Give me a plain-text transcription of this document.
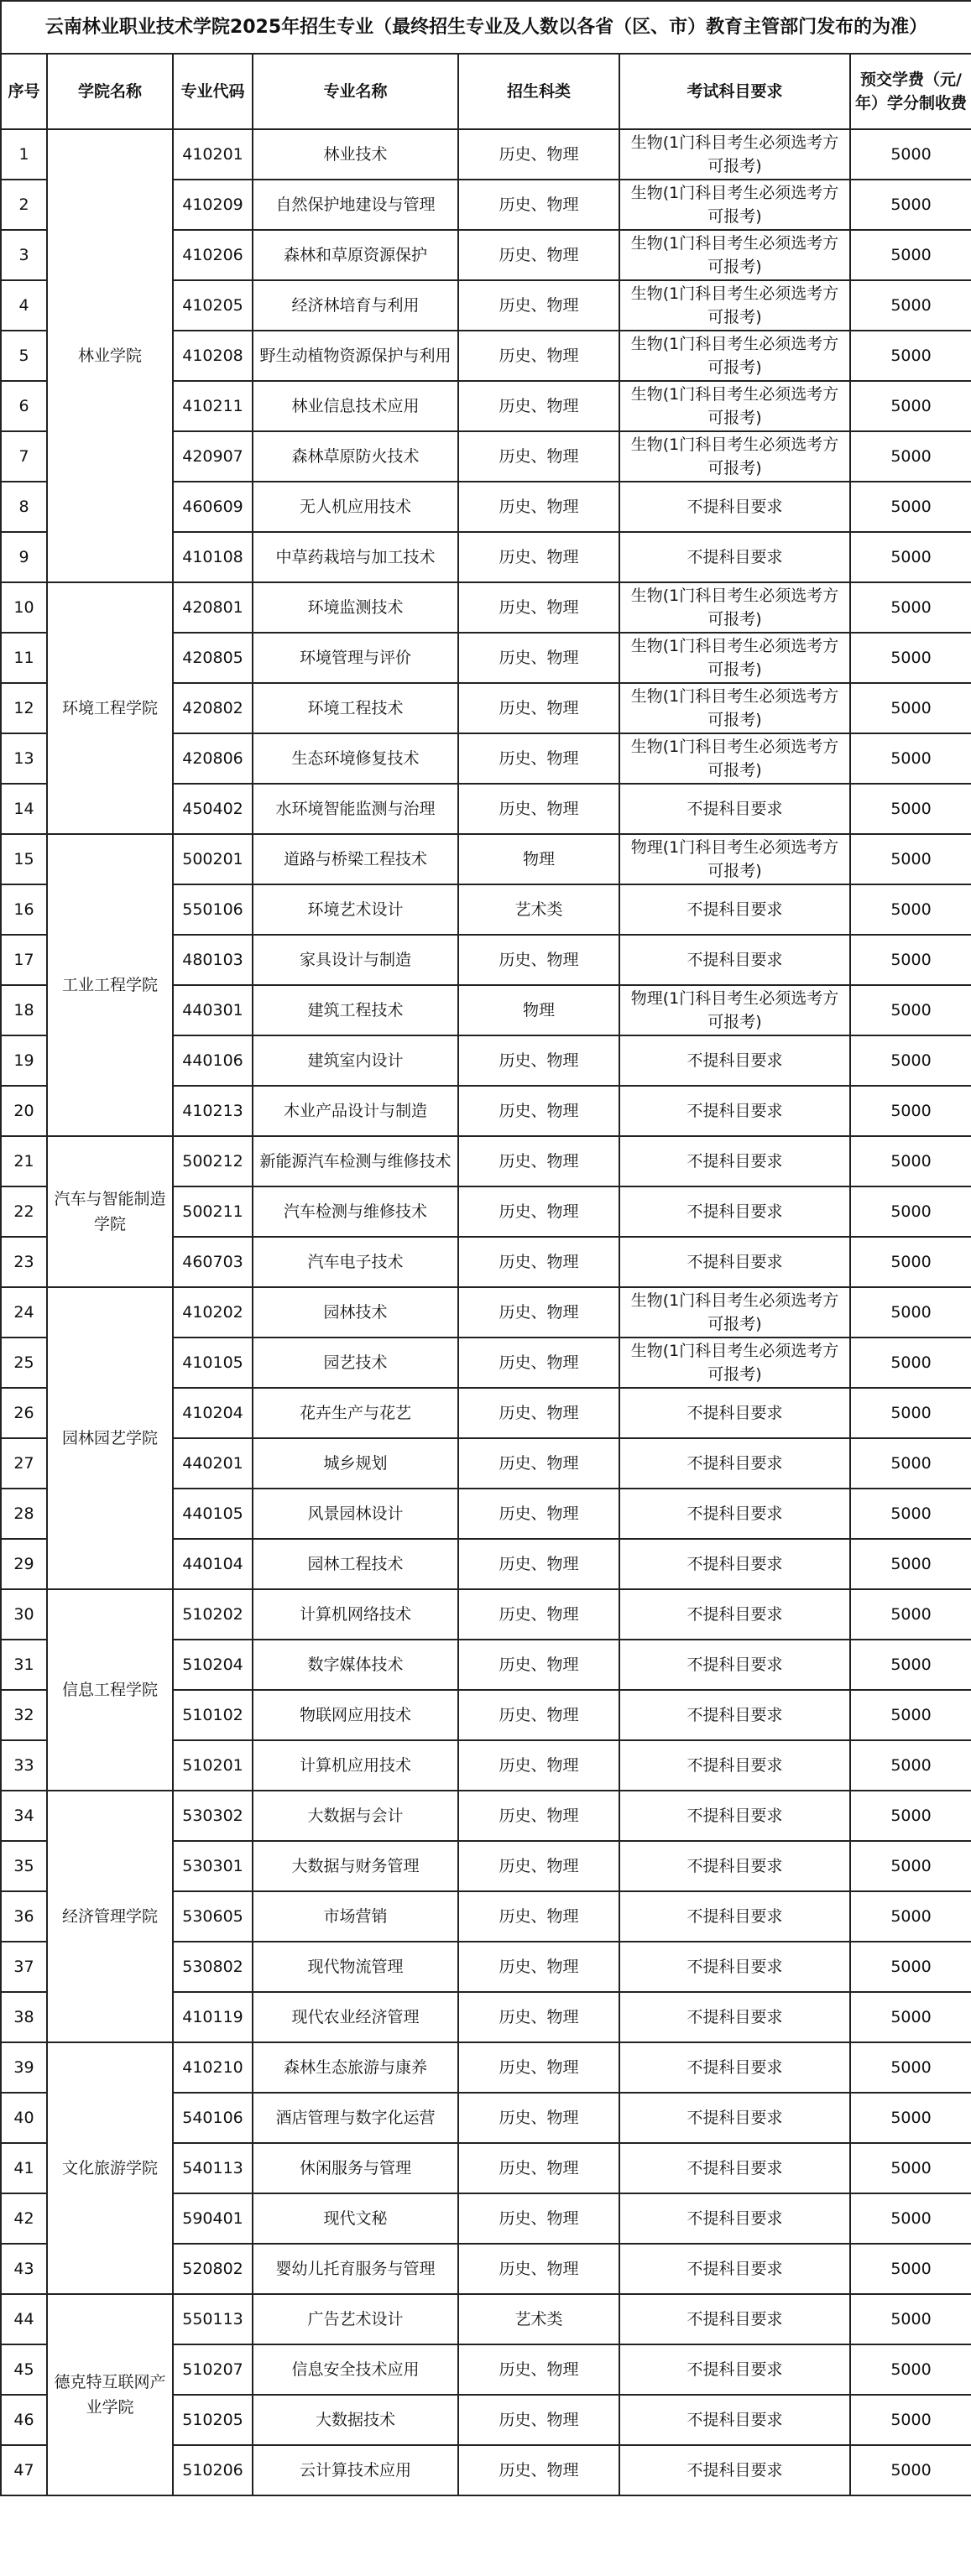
云南林业职业技术学院2025年招生专业（最终招生专业及人数以各省（区、市）教育主管部门发布的为准）						
序号	学院名称	专业代码	专业名称	招生科类	考试科目要求	预交学费（元/年）学分制收费
1	林业学院	410201	林业技术	历史、物理	生物(1门科目考生必须选考方可报考)	5000
2		410209	自然保护地建设与管理	历史、物理	生物(1门科目考生必须选考方可报考)	5000
3		410206	森林和草原资源保护	历史、物理	生物(1门科目考生必须选考方可报考)	5000
4		410205	经济林培育与利用	历史、物理	生物(1门科目考生必须选考方可报考)	5000
5		410208	野生动植物资源保护与利用	历史、物理	生物(1门科目考生必须选考方可报考)	5000
6		410211	林业信息技术应用	历史、物理	生物(1门科目考生必须选考方可报考)	5000
7		420907	森林草原防火技术	历史、物理	生物(1门科目考生必须选考方可报考)	5000
8		460609	无人机应用技术	历史、物理	不提科目要求	5000
9		410108	中草药栽培与加工技术	历史、物理	不提科目要求	5000
10	环境工程学院	420801	环境监测技术	历史、物理	生物(1门科目考生必须选考方可报考)	5000
11		420805	环境管理与评价	历史、物理	生物(1门科目考生必须选考方可报考)	5000
12		420802	环境工程技术	历史、物理	生物(1门科目考生必须选考方可报考)	5000
13		420806	生态环境修复技术	历史、物理	生物(1门科目考生必须选考方可报考)	5000
14		450402	水环境智能监测与治理	历史、物理	不提科目要求	5000
15	工业工程学院	500201	道路与桥梁工程技术	物理	物理(1门科目考生必须选考方可报考)	5000
16		550106	环境艺术设计	艺术类	不提科目要求	5000
17		480103	家具设计与制造	历史、物理	不提科目要求	5000
18		440301	建筑工程技术	物理	物理(1门科目考生必须选考方可报考)	5000
19		440106	建筑室内设计	历史、物理	不提科目要求	5000
20		410213	木业产品设计与制造	历史、物理	不提科目要求	5000
21	汽车与智能制造学院	500212	新能源汽车检测与维修技术	历史、物理	不提科目要求	5000
22		500211	汽车检测与维修技术	历史、物理	不提科目要求	5000
23		460703	汽车电子技术	历史、物理	不提科目要求	5000
24	园林园艺学院	410202	园林技术	历史、物理	生物(1门科目考生必须选考方可报考)	5000
25		410105	园艺技术	历史、物理	生物(1门科目考生必须选考方可报考)	5000
26		410204	花卉生产与花艺	历史、物理	不提科目要求	5000
27		440201	城乡规划	历史、物理	不提科目要求	5000
28		440105	风景园林设计	历史、物理	不提科目要求	5000
29		440104	园林工程技术	历史、物理	不提科目要求	5000
30	信息工程学院	510202	计算机网络技术	历史、物理	不提科目要求	5000
31		510204	数字媒体技术	历史、物理	不提科目要求	5000
32		510102	物联网应用技术	历史、物理	不提科目要求	5000
33		510201	计算机应用技术	历史、物理	不提科目要求	5000
34	经济管理学院	530302	大数据与会计	历史、物理	不提科目要求	5000
35		530301	大数据与财务管理	历史、物理	不提科目要求	5000
36		530605	市场营销	历史、物理	不提科目要求	5000
37		530802	现代物流管理	历史、物理	不提科目要求	5000
38		410119	现代农业经济管理	历史、物理	不提科目要求	5000
39	文化旅游学院	410210	森林生态旅游与康养	历史、物理	不提科目要求	5000
40		540106	酒店管理与数字化运营	历史、物理	不提科目要求	5000
41		540113	休闲服务与管理	历史、物理	不提科目要求	5000
42		590401	现代文秘	历史、物理	不提科目要求	5000
43		520802	婴幼儿托育服务与管理	历史、物理	不提科目要求	5000
44	德克特互联网产业学院	550113	广告艺术设计	艺术类	不提科目要求	5000
45		510207	信息安全技术应用	历史、物理	不提科目要求	5000
46		510205	大数据技术	历史、物理	不提科目要求	5000
47		510206	云计算技术应用	历史、物理	不提科目要求	5000
